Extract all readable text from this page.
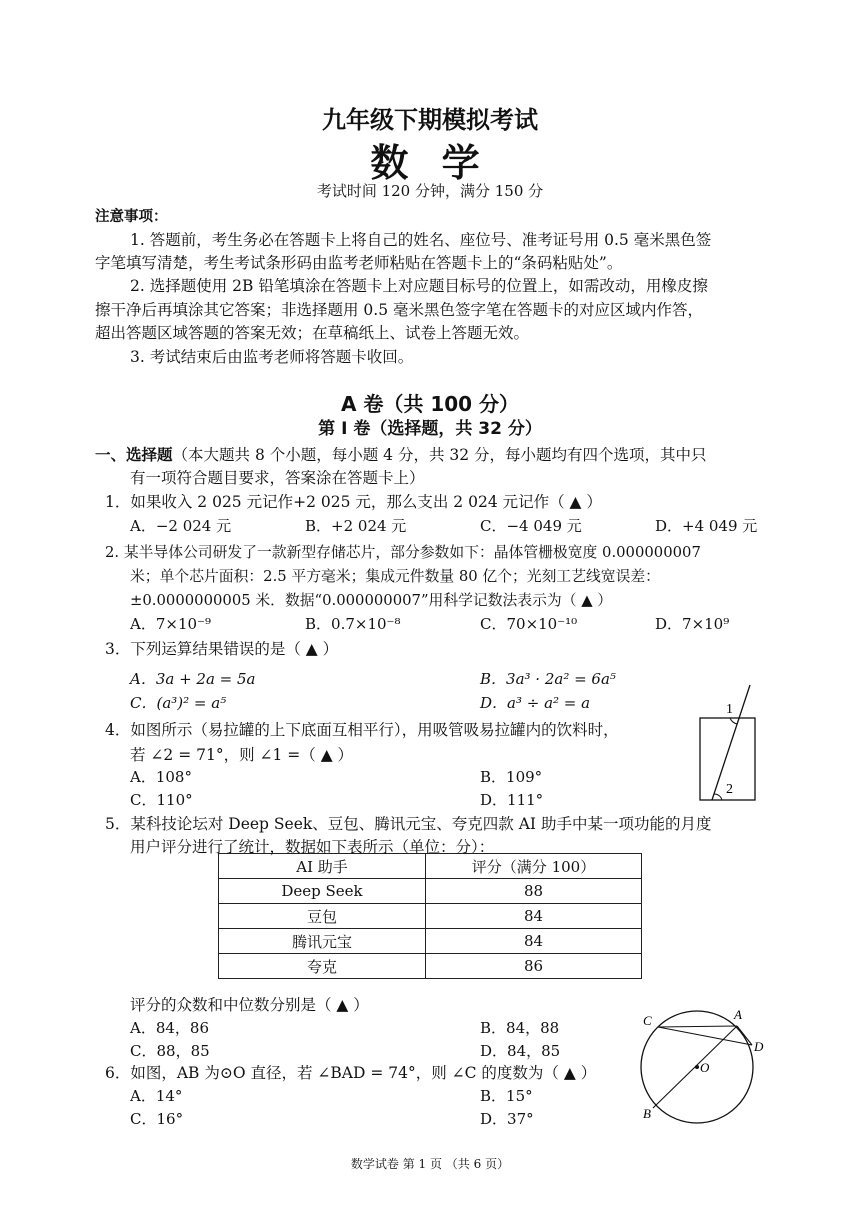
九年级下期模拟考试
数 学
考试时间 120 分钟，满分 150 分
注意事项：
1. 答题前，考生务必在答题卡上将自己的姓名、座位号、准考证号用 0.5 毫米黑色签
字笔填写清楚，考生考试条形码由监考老师粘贴在答题卡上的“条码粘贴处”。
2. 选择题使用 2B 铅笔填涂在答题卡上对应题目标号的位置上，如需改动，用橡皮擦
擦干净后再填涂其它答案；非选择题用 0.5 毫米黑色签字笔在答题卡的对应区域内作答，
超出答题区域答题的答案无效；在草稿纸上、试卷上答题无效。
3. 考试结束后由监考老师将答题卡收回。
A 卷（共 100 分）
第 I 卷（选择题，共 32 分）
一、选择题（本大题共 8 个小题，每小题 4 分，共 32 分，每小题均有四个选项，其中只
有一项符合题目要求，答案涂在答题卡上）
1．如果收入 2 025 元记作+2 025 元，那么支出 2 024 元记作（ ▲ ）
A．−2 024 元	B．+2 024 元	C．−4 049 元	D．+4 049 元
2. 某半导体公司研发了一款新型存储芯片，部分参数如下：晶体管栅极宽度 0.000000007
米；单个芯片面积：2.5 平方毫米；集成元件数量 80 亿个；光刻工艺线宽误差：
±0.0000000005 米．数据“0.000000007”用科学记数法表示为（ ▲ ）
A．7×10⁻⁹	B．0.7×10⁻⁸	C．70×10⁻¹⁰	D．7×10⁹
3．下列运算结果错误的是（ ▲ ）
A．3a + 2a = 5a	B．3a³ · 2a² = 6a⁵
C．(a³)² = a⁵	D．a³ ÷ a² = a
4．如图所示（易拉罐的上下底面互相平行），用吸管吸易拉罐内的饮料时，
若 ∠2 = 71°，则 ∠1 =（ ▲ ）
A．108°	B．109°
C．110°	D．111°
1
2
5．某科技论坛对 Deep Seek、豆包、腾讯元宝、夸克四款 AI 助手中某一项功能的月度
用户评分进行了统计，数据如下表所示（单位：分）：
AI 助手	评分（满分 100）
Deep Seek	88
豆包	84
腾讯元宝	84
夸克	86
评分的众数和中位数分别是（ ▲ ）
A．84，86	B．84，88
C．88，85	D．84，85
6．如图，AB 为⊙O 直径，若 ∠BAD = 74°，则 ∠C 的度数为（ ▲ ）
A．14°	B．15°
C．16°	D．37°
C	A
D
O
B
数学试卷 第 1 页 （共 6 页）
